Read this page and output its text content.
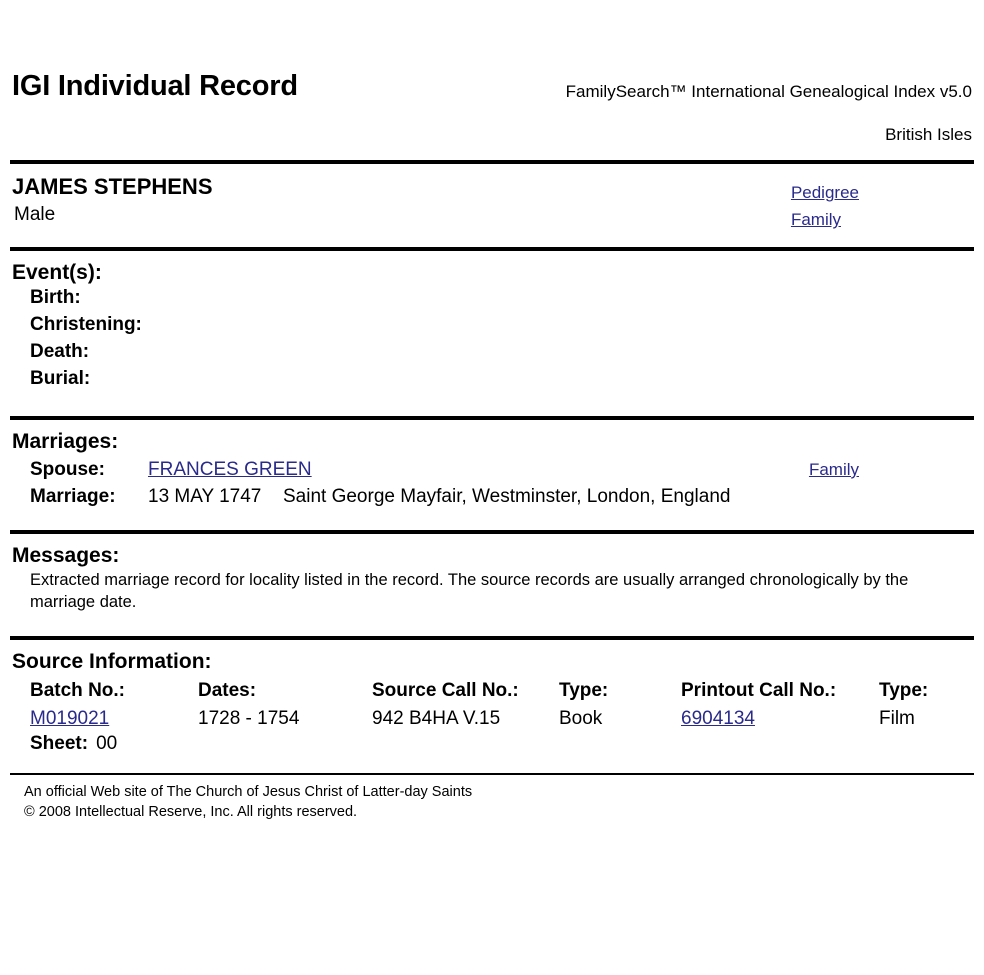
IGI Individual Record	FamilySearch™ International Genealogical Index v5.0
British Isles
JAMES STEPHENS
Male
Pedigree
Family
Event(s):
Birth:
Christening:
Death:
Burial:
Marriages:
Spouse:	FRANCES GREEN	Family
Marriage:	13 MAY 1747 Saint George Mayfair, Westminster, London, England
Messages:
Extracted marriage record for locality listed in the record. The source records are usually arranged chronologically by the marriage date.
Source Information:
Batch No.:	Dates:	Source Call No.:	Type:	Printout Call No.:	Type:
M019021	1728 - 1754	942 B4HA V.15	Book	6904134	Film
Sheet: 00
An official Web site of The Church of Jesus Christ of Latter-day Saints
© 2008 Intellectual Reserve, Inc. All rights reserved.
